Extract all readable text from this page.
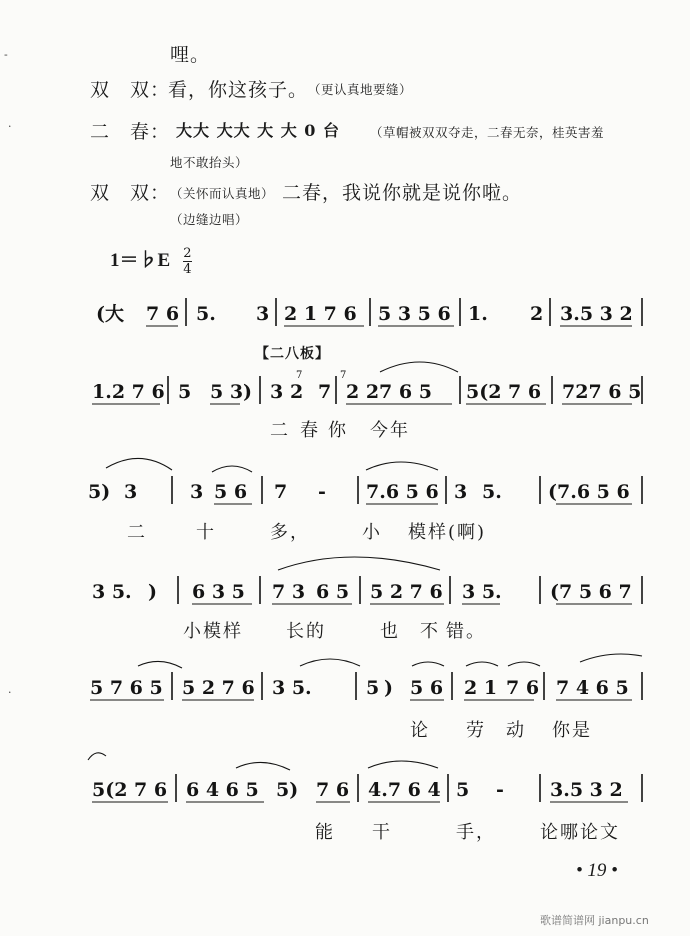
哩。
双　双：
看，你这孩子。 （更认真地要缝）
二　春： 大大 大大 大 大 0 台 （草帽被双双夺走，二春无奈，桂英害羞
地不敢抬头）
双　双： （关怀而认真地） 二春，我说你就是说你啦。
（边缝边唱）
1＝♭E $\frac{2}{4}$
【二八板】
(大 7 6 5. 3 2 1 7 6 5 3 5 6 1. 2 3.5 3 2
1.2 7 6 5 5 3) 3 2 7 2 27 6 5 5(2 7 6 727 6 5
7	7
5) 3	3 5 6 7 - 7.6 5 6 3 5. (7.6 5 6
3 5. ) 6 3 5 7 3 6 5 5 2 7 6 3 5.	(7 5 6 7
5 7 6 5 5 2 7 6 3 5.	5 ) 5 6 2 1 7 6 7 4 6 5
5(2 7 6 6 4 6 5 5) 7 6 4.7 6 4 5 - 3.5 3 2
二 春 你 今年
二	十	多，	小 模样(啊)
小模样 长的	也 不 错。
论 劳 动 你是
能 干	手， 论哪论文
• 19 •
歌谱简谱网 jianpu.cn
-
·
·
